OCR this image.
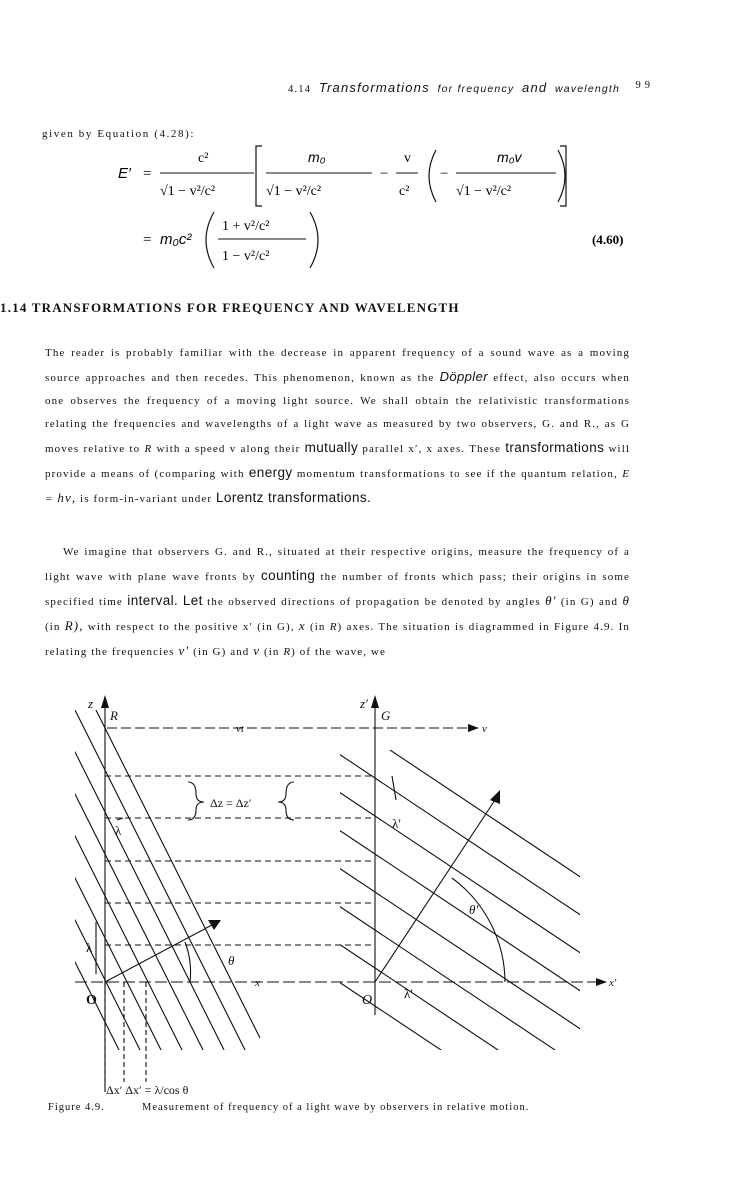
4.14 Transformations for frequency and wavelength 99
given by Equation (4.28):
E′ =
c²
√1 − v²/c²
m₀
√1 − v²/c²
−
v
c²
−
m₀v
√1 − v²/c²
= m₀c²
1 + v²/c²
1 − v²/c²
(4.60)
1.14 TRANSFORMATIONS FOR FREQUENCY AND WAVELENGTH
The reader is probably familiar with the decrease in apparent frequency of a sound wave as a moving source approaches and then recedes. This phenomenon, known as the Döppler effect, also occurs when one observes the frequency of a moving light source. We shall obtain the relativistic transformations relating the frequencies and wavelengths of a light wave as measured by two observers, G. and R., as G moves relative to R with a speed v along their mutually parallel x′, x axes. These transformations will provide a means of (comparing with energy momentum transformations to see if the quantum relation, E = hν, is form-in-variant under Lorentz transformations.
We imagine that observers G. and R., situated at their respective origins, measure the frequency of a light wave with plane wave fronts by counting the number of fronts which pass; their origins in some specified time interval. Let the observed directions of propagation be denoted by angles θ′ (in G) and θ (in R), with respect to the positive x′ (in G), x (in R) axes. The situation is diagrammed in Figure 4.9. In relating the frequencies ν′ (in G) and ν (in R) of the wave, we
z
R
z′
G
vt	v
Δz = Δz′
λ
λ
λ′
λ′
θ
θ′
x	x′
O	O
Δx′ Δx′ = λ/cos θ
Figure 4.9.	Measurement of frequency of a light wave by observers in relative motion.
